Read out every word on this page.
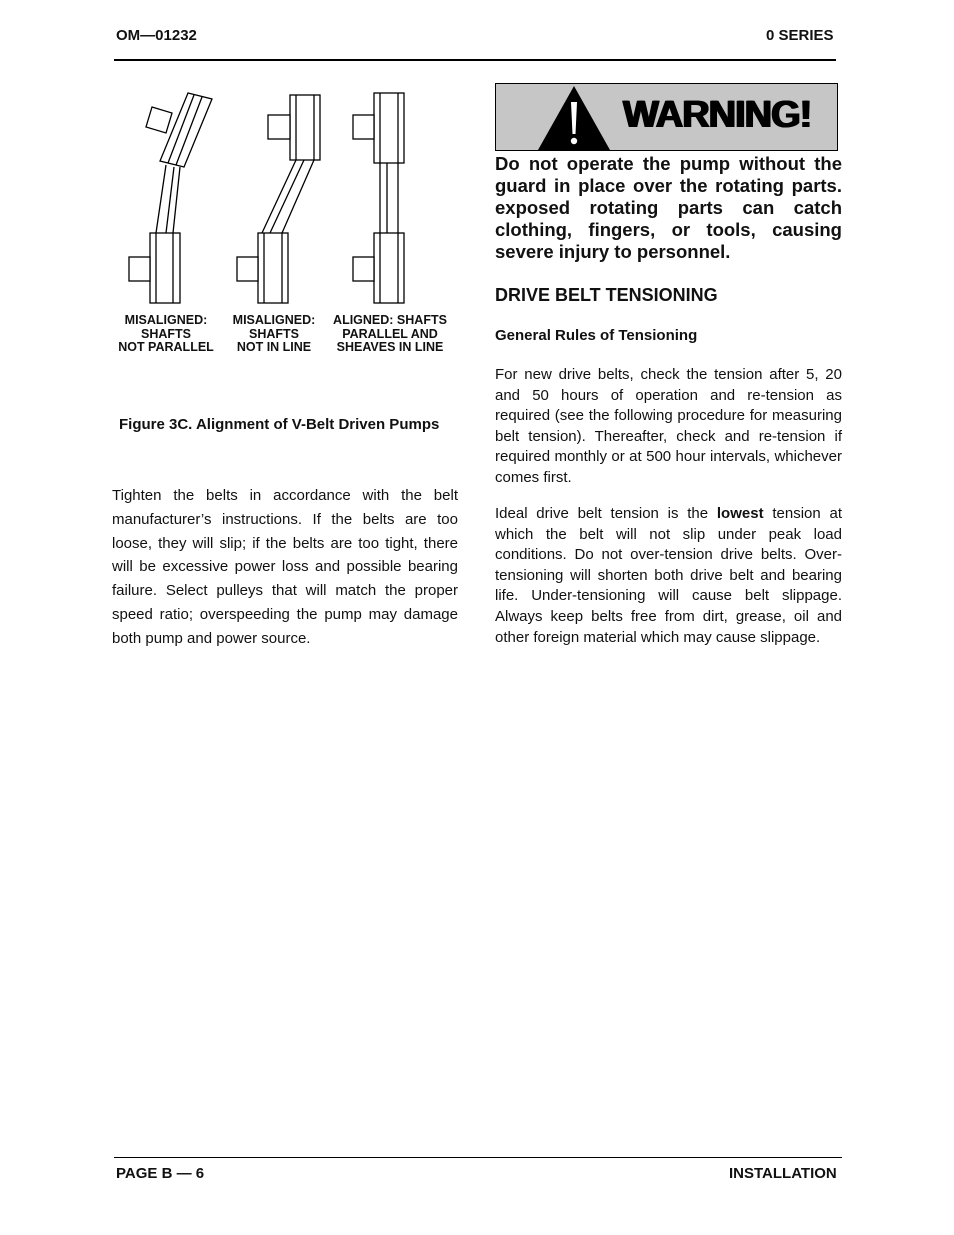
OM—01232	0 SERIES
MISALIGNED:
SHAFTS
NOT PARALLEL
MISALIGNED:
SHAFTS
NOT IN LINE
ALIGNED: SHAFTS
PARALLEL AND
SHEAVES IN LINE
Figure 3C. Alignment of V-Belt Driven Pumps

Tighten the belts in accordance with the belt manufacturer’s instructions. If the belts are too loose, they will slip; if the belts are too tight, there will be excessive power loss and possible bearing failure. Select pulleys that will match the proper speed ratio; overspeeding the pump may damage both pump and power source.

WARNING!

Do not operate the pump without the guard in place over the rotating parts. exposed rotating parts can catch clothing, fingers, or tools, causing severe injury to personnel.

DRIVE BELT TENSIONING
General Rules of Tensioning

For new drive belts, check the tension after 5, 20 and 50 hours of operation and re-tension as required (see the following procedure for measuring belt tension). Thereafter, check and re-tension if required monthly or at 500 hour intervals, whichever comes first.

Ideal drive belt tension is the lowest tension at which the belt will not slip under peak load conditions. Do not over-tension drive belts. Over-tensioning will shorten both drive belt and bearing life. Under-tensioning will cause belt slippage. Always keep belts free from dirt, grease, oil and other foreign material which may cause slippage.

PAGE B — 6	INSTALLATION
